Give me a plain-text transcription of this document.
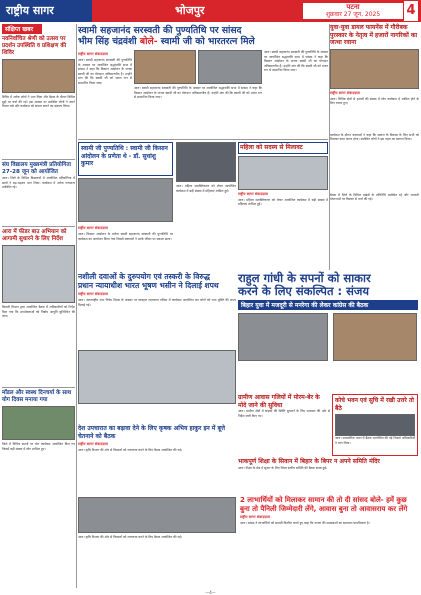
राष्ट्रीय सागर	भोजपुर	पटना
शुक्रवार 27 जून, 2025	4
संक्षिप्त खबर
नवनिर्वाचित श्रेणी को उत्सव पर प्रदर्शन उपस्थिति व प्रशिक्षण की शिविर
शिविर में अनेक लोगों ने भाग लिया और बैठक के दौरान विभिन्न मुद्दों पर चर्चा की गई। इस अवसर पर उपस्थित लोगों ने अपने विचार रखे और कार्यक्रम को सफल बनाने का संकल्प लिया।
संघ विद्यालय मुख्यमंत्री प्रतियोगिता 27-28 जून को आयोजित
आरा। जिले के विभिन्न विद्यालयों में आयोजित प्रतियोगिता में छात्रों ने बढ़-चढ़कर भाग लिया। कार्यक्रम में अनेक गणमान्य उपस्थित रहे।
आरा में फीडर बाउ अभियान को आगामी सुधारने के लिए निर्देश
बिजली विभाग द्वारा आयोजित बैठक में अधिकारियों को निर्देश दिया गया कि उपभोक्ताओं को निर्बाध आपूर्ति सुनिश्चित की जाए।
मॉडल और स्वस्थ दिनचर्या के साथ योग दिवस मनाया गया
जिले में विभिन्न स्थानों पर योग कार्यक्रम आयोजित किए गए जिसमें बड़ी संख्या में लोग शामिल हुए।
स्वामी सहजानंद सरस्वती की पुण्यतिथि पर सांसद
भीम सिंह चंद्रवंशी बोले- स्वामी जी को भारतरत्न मिले
राष्ट्रीय सागर संवाददाता
आरा। स्वामी सहजानंद सरस्वती की पुण्यतिथि के अवसर पर आयोजित श्रद्धांजलि सभा में सांसद ने कहा कि किसान आंदोलन के जनक स्वामी जी का योगदान अविस्मरणीय है। उन्होंने मांग की कि स्वामी जी को भारत रत्न से सम्मानित किया जाए।
आरा। स्वामी सहजानंद सरस्वती की पुण्यतिथि के अवसर पर आयोजित श्रद्धांजलि सभा में सांसद ने कहा कि किसान आंदोलन के जनक स्वामी जी का योगदान अविस्मरणीय है। उन्होंने मांग की कि स्वामी जी को भारत रत्न से सम्मानित किया जाए।
आरा। स्वामी सहजानंद सरस्वती की पुण्यतिथि के अवसर पर आयोजित श्रद्धांजलि सभा में सांसद ने कहा कि किसान आंदोलन के जनक स्वामी जी का योगदान अविस्मरणीय है। उन्होंने मांग की कि स्वामी जी को भारत रत्न से सम्मानित किया जाए।
स्वामी जी पुण्यतिथि : स्वामी जी किसान आंदोलन के प्रणेता थे - डॉ. सुधांशु कुमार
राष्ट्रीय सागर संवाददाता
आरा। किसान आंदोलन के प्रणेता स्वामी सहजानंद सरस्वती की पुण्यतिथि पर कार्यक्रम का आयोजन किया गया जिसमें वक्ताओं ने उनके जीवन पर प्रकाश डाला।
आरा। महिला सशक्तिकरण को लेकर आयोजित कार्यक्रम में बड़ी संख्या में महिलाएं शामिल हुईं।
महिला को सदस्य से मिलावट
राष्ट्रीय सागर संवाददाता
आरा। महिला सशक्तिकरण को लेकर आयोजित कार्यक्रम में बड़ी संख्या में महिलाएं शामिल हुईं।
राहुल गांधी के सपनों को साकार
करने के लिए संकल्पित : संजय
बिहार युवा में मजदूरी से मनरेगा की लेकर कांग्रेस की बैठक

नशीली दवाओं के दुरुपयोग एवं तस्करी के विरुद्ध
प्रधान न्यायाधीश भारत भूषण भसीन ने दिलाई शपथ
राष्ट्रीय सागर संवाददाता
आरा। अंतरराष्ट्रीय नशा निषेध दिवस के अवसर पर व्यवहार न्यायालय परिसर में कार्यक्रम आयोजित कर लोगों को नशा मुक्ति की शपथ दिलाई गई।
ग्रामीण आवास गलियों में मोरम-बेर के मोदे जाने की सुविधा
आरा। ग्रामीण क्षेत्रों में सड़कों की स्थिति सुधारने के लिए प्रशासन की ओर से निर्देश जारी किए गए।
कोचे भवन एवं सुचि में रखी उत्तरे तो बैठे
आरा। प्रशासनिक भवन में बैठक आयोजित की गई जिसमें अधिकारियों ने भाग लिया।
देश उपचारात का बढ़ावा देने के लिए कृषक अभिय हाकुर इन में बूत्ते चेतनाने को बैठक
राष्ट्रीय सागर संवाददाता
आरा। कृषि विभाग की ओर से किसानों को जागरूक करने के लिए बैठक आयोजित की गई।
भाकपूर्ण शिक्षा के सिवान में बिहार के बिपर न अपने समिति मंदिर
आरा। शिक्षा के क्षेत्र में सुधार के लिए जिला स्तरीय समिति की बैठक संपन्न हुई।
2 लाभार्थियों को मिलाकर सामान की तो दी सांसद बोले- हमें कुछ
बुना तो पैनिली जिम्मेदारी लेंगे, आवास बुना तो आवासराय कर लेंगे
राष्ट्रीय सागर संवाददाता
आरा। सांसद ने लाभार्थियों को सामग्री वितरित करते हुए कहा कि जनता की समस्याओं का समाधान प्राथमिकता है।
आरा। कृषि विभाग की ओर से किसानों को जागरूक करने के लिए बैठक आयोजित की गई।
युवा-युवा डायल फायनेंस में गौरीबक पुरस्कार के नेतृत्व में हजारों नागरिकों का जत्था रवाना
राष्ट्रीय सागर संवाददाता
आरा। विभिन्न क्षेत्रों से हजारों की संख्या में लोग कार्यक्रम में शामिल होने के लिए रवाना हुए।
कार्यक्रम के दौरान वक्ताओं ने कहा कि समाज के विकास के लिए सभी को मिलकर काम करना होगा। उपस्थित लोगों ने इस पहल का स्वागत किया।
बैठक में जिले के विभिन्न प्रखंडों के प्रतिनिधि उपस्थित रहे और आगामी योजनाओं पर विस्तार से चर्चा की गई।
—4—
